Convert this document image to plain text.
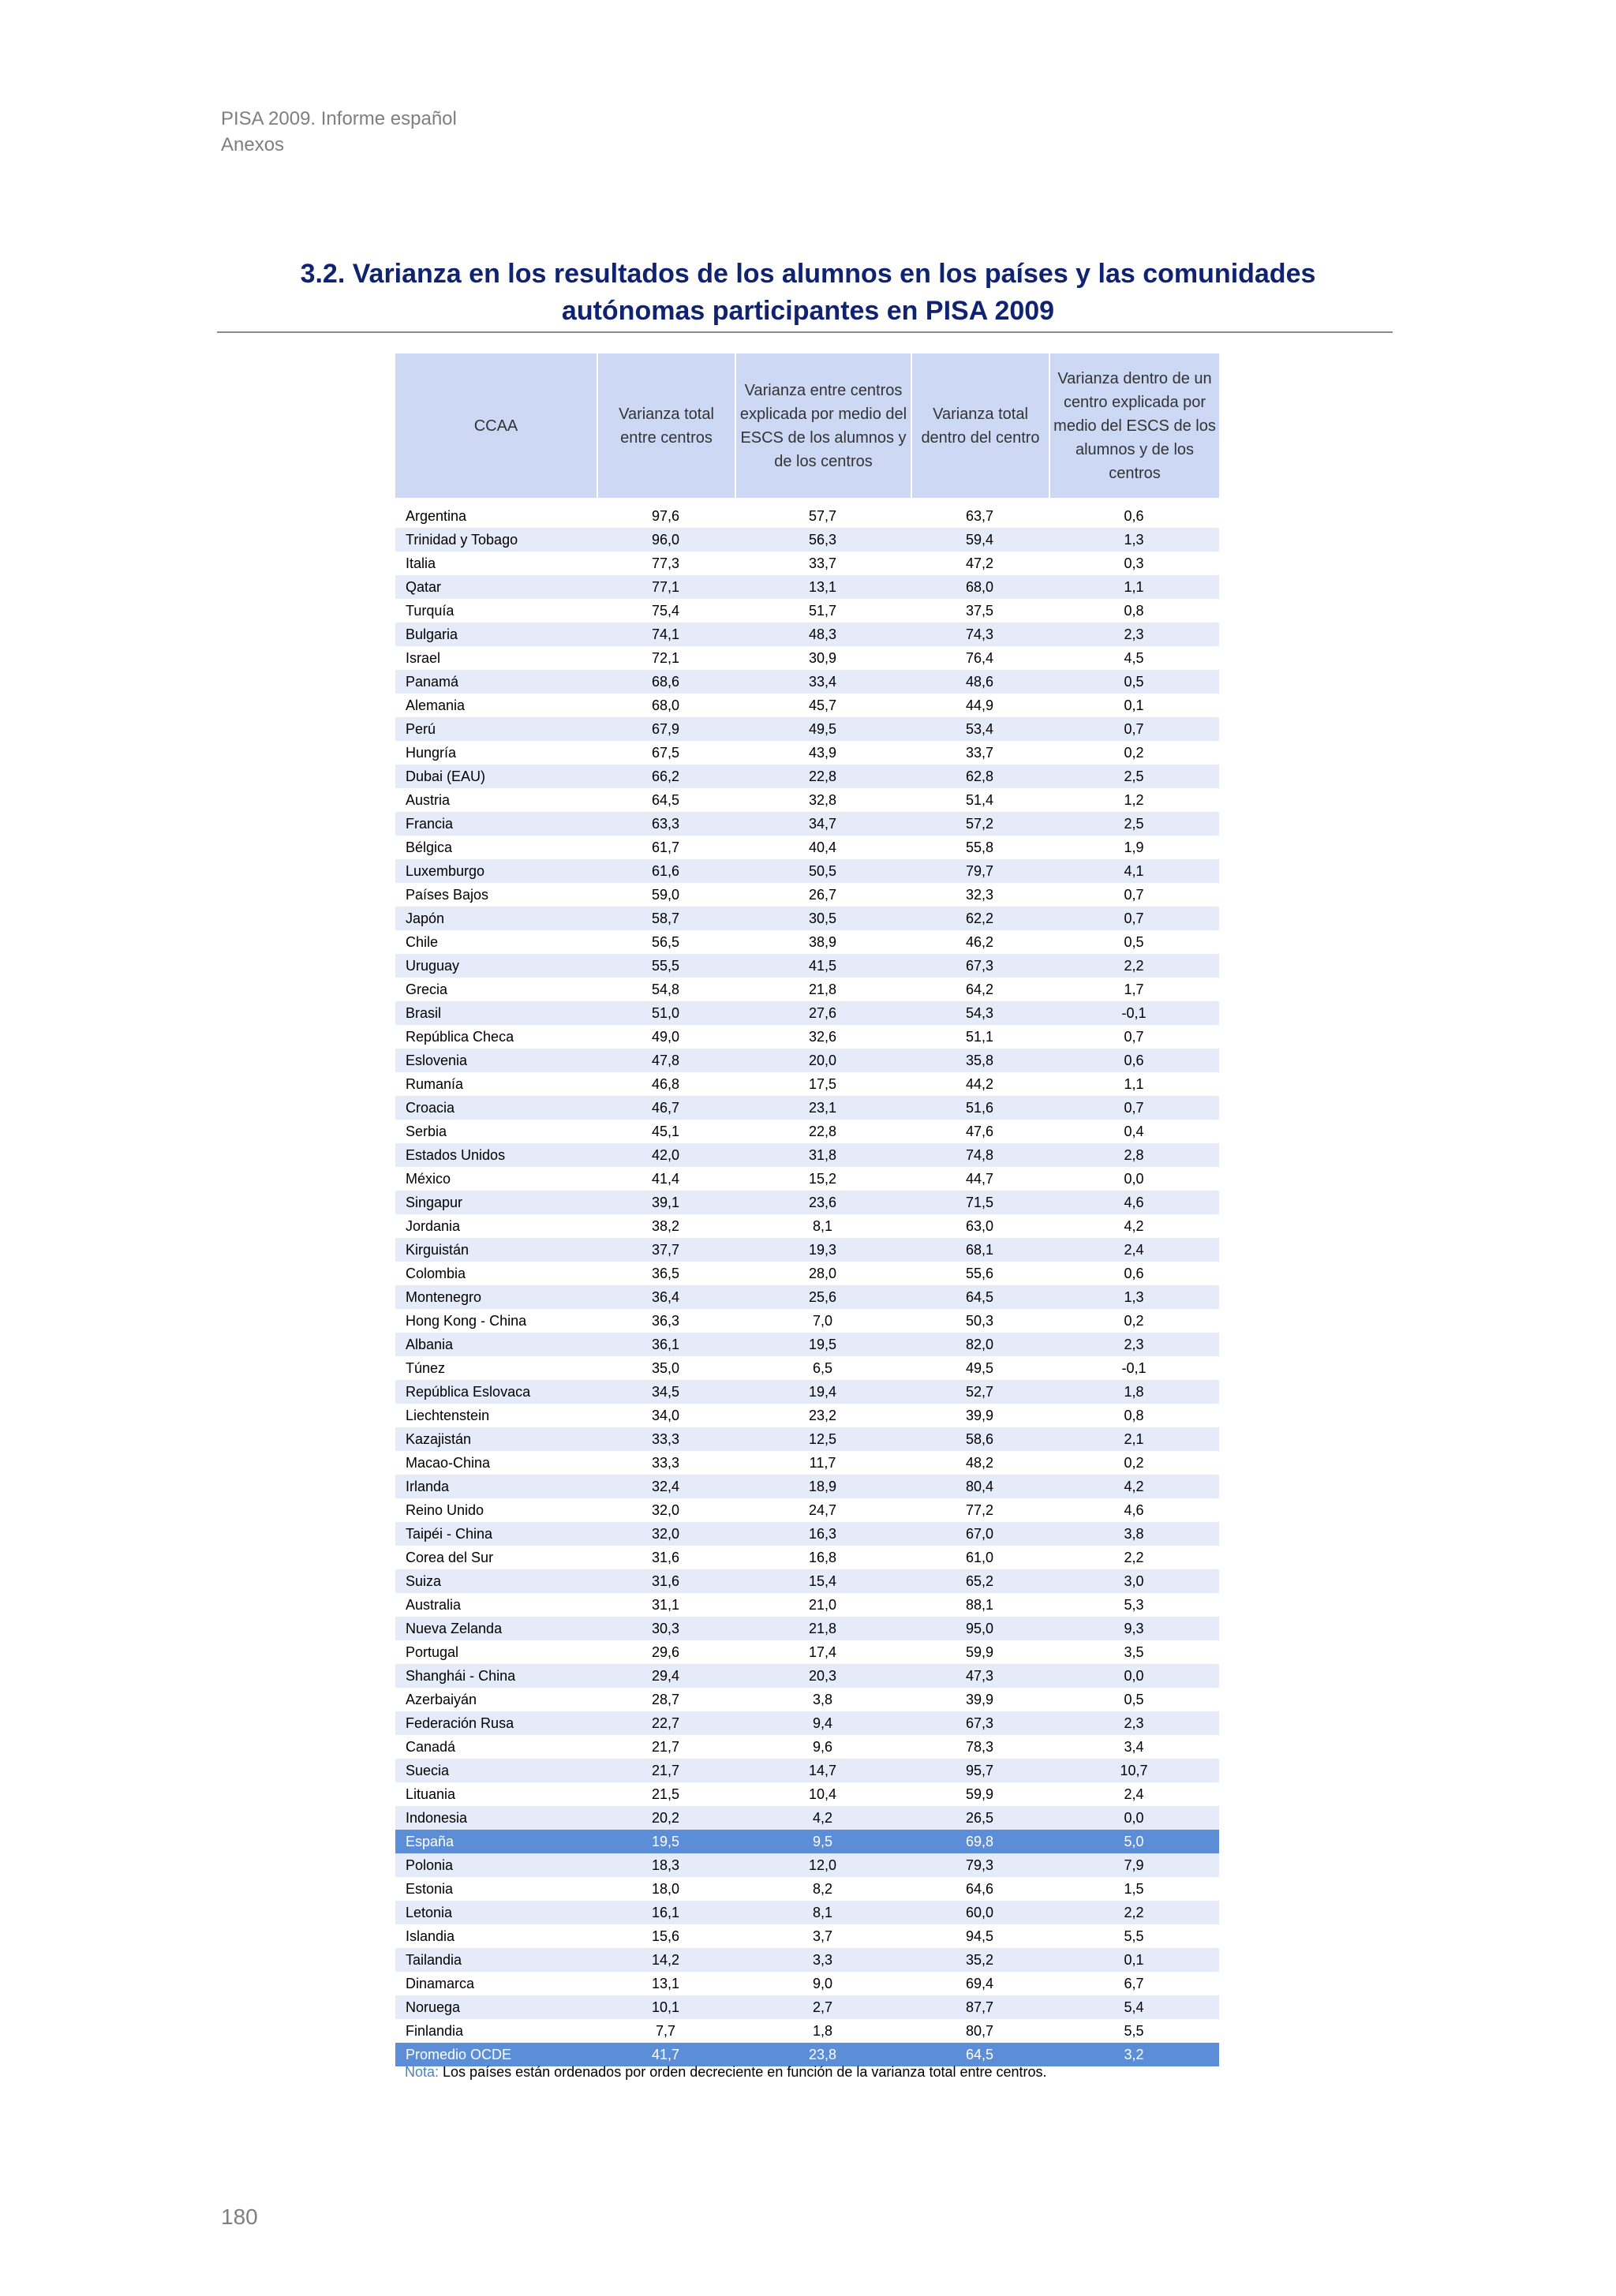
PISA 2009. Informe español
Anexos
3.2. Varianza en los resultados de los alumnos en los países y las comunidades
autónomas participantes en PISA 2009
CCAA	Varianza total entre centros	Varianza entre centros explicada por medio del ESCS de los alumnos y de los centros	Varianza total dentro del centro	Varianza dentro de un centro explicada por medio del ESCS de los alumnos y de los centros

Argentina	97,6	57,7	63,7	0,6
Trinidad y Tobago	96,0	56,3	59,4	1,3
Italia	77,3	33,7	47,2	0,3
Qatar	77,1	13,1	68,0	1,1
Turquía	75,4	51,7	37,5	0,8
Bulgaria	74,1	48,3	74,3	2,3
Israel	72,1	30,9	76,4	4,5
Panamá	68,6	33,4	48,6	0,5
Alemania	68,0	45,7	44,9	0,1
Perú	67,9	49,5	53,4	0,7
Hungría	67,5	43,9	33,7	0,2
Dubai (EAU)	66,2	22,8	62,8	2,5
Austria	64,5	32,8	51,4	1,2
Francia	63,3	34,7	57,2	2,5
Bélgica	61,7	40,4	55,8	1,9
Luxemburgo	61,6	50,5	79,7	4,1
Países Bajos	59,0	26,7	32,3	0,7
Japón	58,7	30,5	62,2	0,7
Chile	56,5	38,9	46,2	0,5
Uruguay	55,5	41,5	67,3	2,2
Grecia	54,8	21,8	64,2	1,7
Brasil	51,0	27,6	54,3	-0,1
República Checa	49,0	32,6	51,1	0,7
Eslovenia	47,8	20,0	35,8	0,6
Rumanía	46,8	17,5	44,2	1,1
Croacia	46,7	23,1	51,6	0,7
Serbia	45,1	22,8	47,6	0,4
Estados Unidos	42,0	31,8	74,8	2,8
México	41,4	15,2	44,7	0,0
Singapur	39,1	23,6	71,5	4,6
Jordania	38,2	8,1	63,0	4,2
Kirguistán	37,7	19,3	68,1	2,4
Colombia	36,5	28,0	55,6	0,6
Montenegro	36,4	25,6	64,5	1,3
Hong Kong - China	36,3	7,0	50,3	0,2
Albania	36,1	19,5	82,0	2,3
Túnez	35,0	6,5	49,5	-0,1
República Eslovaca	34,5	19,4	52,7	1,8
Liechtenstein	34,0	23,2	39,9	0,8
Kazajistán	33,3	12,5	58,6	2,1
Macao-China	33,3	11,7	48,2	0,2
Irlanda	32,4	18,9	80,4	4,2
Reino Unido	32,0	24,7	77,2	4,6
Taipéi - China	32,0	16,3	67,0	3,8
Corea del Sur	31,6	16,8	61,0	2,2
Suiza	31,6	15,4	65,2	3,0
Australia	31,1	21,0	88,1	5,3
Nueva Zelanda	30,3	21,8	95,0	9,3
Portugal	29,6	17,4	59,9	3,5
Shanghái - China	29,4	20,3	47,3	0,0
Azerbaiyán	28,7	3,8	39,9	0,5
Federación Rusa	22,7	9,4	67,3	2,3
Canadá	21,7	9,6	78,3	3,4
Suecia	21,7	14,7	95,7	10,7
Lituania	21,5	10,4	59,9	2,4
Indonesia	20,2	4,2	26,5	0,0
España	19,5	9,5	69,8	5,0
Polonia	18,3	12,0	79,3	7,9
Estonia	18,0	8,2	64,6	1,5
Letonia	16,1	8,1	60,0	2,2
Islandia	15,6	3,7	94,5	5,5
Tailandia	14,2	3,3	35,2	0,1
Dinamarca	13,1	9,0	69,4	6,7
Noruega	10,1	2,7	87,7	5,4
Finlandia	7,7	1,8	80,7	5,5
Promedio OCDE	41,7	23,8	64,5	3,2
Nota: Los países están ordenados por orden decreciente en función de la varianza total entre centros.
180
